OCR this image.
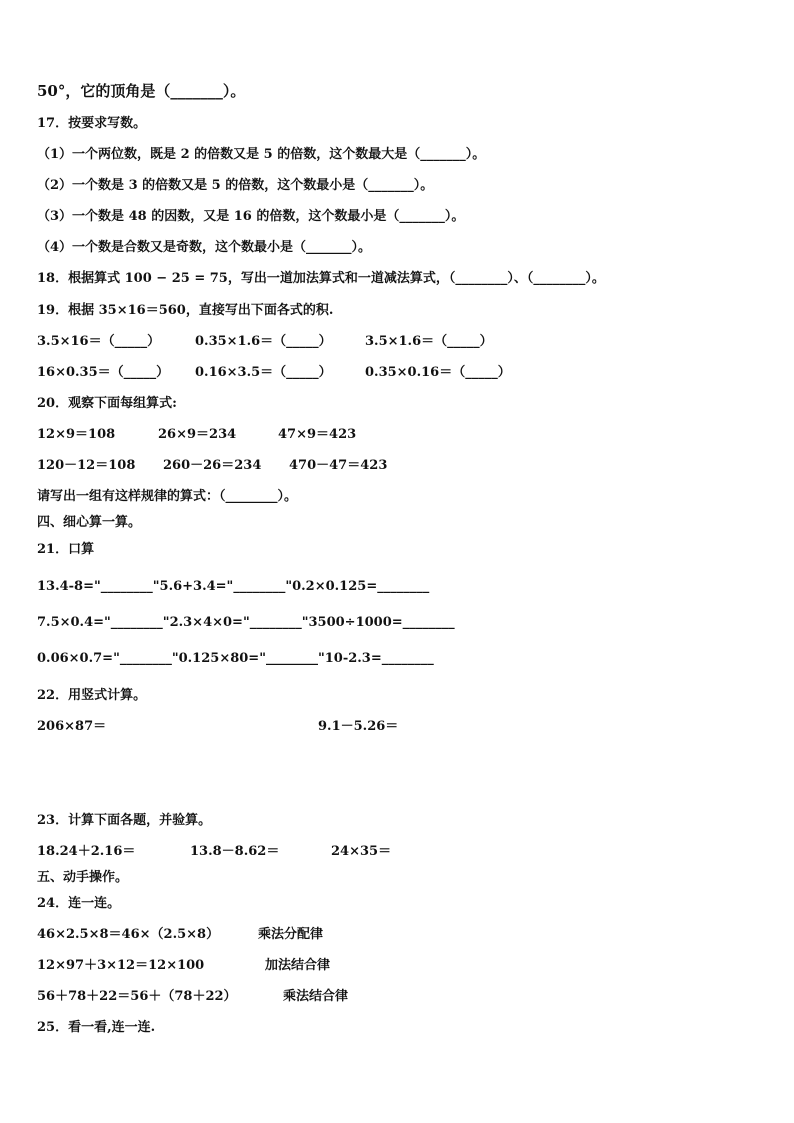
50°，它的顶角是（_______）。
17．按要求写数。
（1）一个两位数，既是 2 的倍数又是 5 的倍数，这个数最大是（_______）。
（2）一个数是 3 的倍数又是 5 的倍数，这个数最小是（_______）。
（3）一个数是 48 的因数，又是 16 的倍数，这个数最小是（_______）。
（4）一个数是合数又是奇数，这个数最小是（_______）。
18．根据算式 100 − 25 = 75，写出一道加法算式和一道减法算式，（________）、（________）。
19．根据 35×16＝560，直接写出下面各式的积.
3.5×16＝（_____）	0.35×1.6＝（_____）	3.5×1.6＝（_____）
16×0.35＝（_____） 0.16×3.5＝（_____）	0.35×0.16＝（_____）
20．观察下面每组算式:
12×9＝108	26×9＝234	47×9＝423
120－12＝108 260－26＝234 470－47＝423
请写出一组有这样规律的算式：（________）。
四、细心算一算。
21．口算
13.4-8="________"5.6+3.4="________"0.2×0.125=________
7.5×0.4="________"2.3×4×0="________"3500÷1000=________
0.06×0.7="________"0.125×80="________"10-2.3=________
22．用竖式计算。
206×87＝	9.1－5.26＝
23．计算下面各题，并验算。
18.24＋2.16＝	13.8－8.62＝	24×35＝
五、动手操作。
24．连一连。
46×2.5×8＝46×（2.5×8）	乘法分配律
12×97＋3×12＝12×100	加法结合律
56＋78＋22＝56＋（78＋22）	乘法结合律
25．看一看,连一连.
